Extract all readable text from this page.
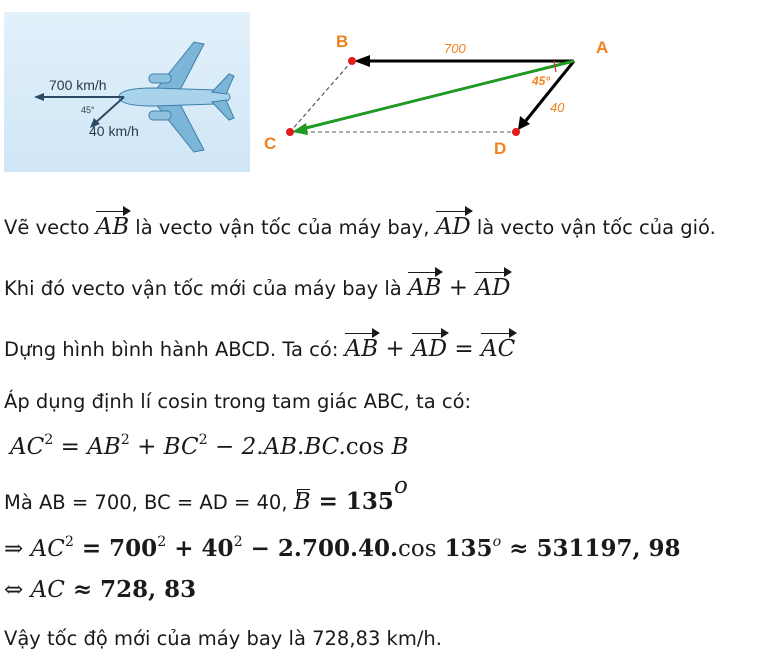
700 km/h
45°
40 km/h
45°
B	A
C	D
700
40
Vẽ vecto
AB là vecto vận tốc của máy bay,
AD là vecto vận tốc của gió.
Khi đó vecto vận tốc mới của máy bay là
AB +
AD
Dựng hình bình hành ABCD. Ta có:
AB +
AD =
AC
Áp dụng định lí cosin trong tam giác ABC, ta có:
$AC^2 = AB^2 + BC^2 - 2.AB.BC.\cos$ B
Mà AB = 700, BC = AD = 40, $B = 135^o$
⇒ $AC^2 = 700^2 + 40^2 - 2.700.40.\cos$ $135^o \approx 531197$, 98
⇔ AC ≈ 728, 83
Vậy tốc độ mới của máy bay là 728,83 km/h.
